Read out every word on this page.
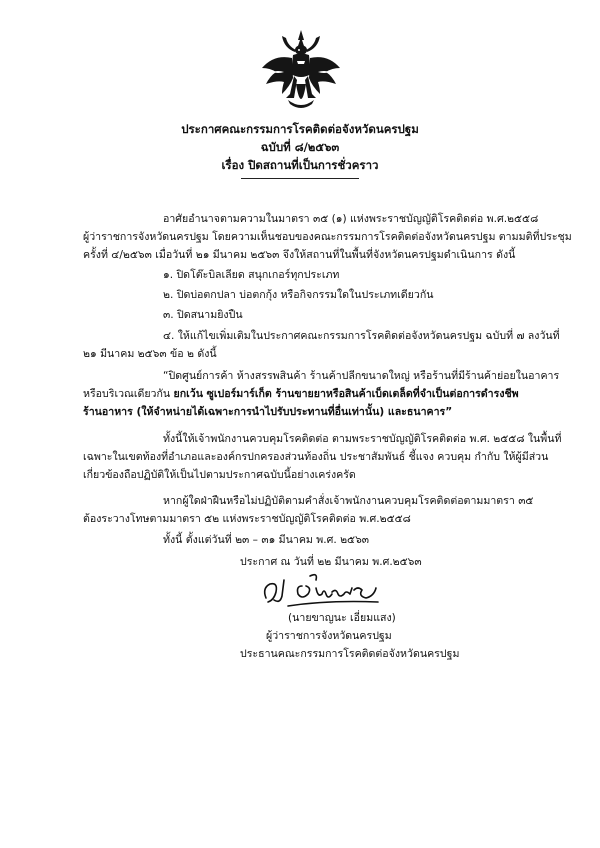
ประกาศคณะกรรมการโรคติดต่อจังหวัดนครปฐม
ฉบับที่ ๘/๒๕๖๓
เรื่อง ปิดสถานที่เป็นการชั่วคราว
อาศัยอำนาจตามความในมาตรา ๓๕ (๑) แห่งพระราชบัญญัติโรคติดต่อ พ.ศ.๒๕๕๘
ผู้ว่าราชการจังหวัดนครปฐม โดยความเห็นชอบของคณะกรรมการโรคติดต่อจังหวัดนครปฐม ตามมติที่ประชุม
ครั้งที่ ๔/๒๕๖๓ เมื่อวันที่ ๒๑ มีนาคม ๒๕๖๓ จึงให้สถานที่ในพื้นที่จังหวัดนครปฐมดำเนินการ ดังนี้
๑. ปิดโต๊ะบิลเลียด สนุกเกอร์ทุกประเภท
๒. ปิดบ่อตกปลา บ่อตกกุ้ง หรือกิจกรรมใดในประเภทเดียวกัน
๓. ปิดสนามยิงปืน
๔. ให้แก้ไขเพิ่มเติมในประกาศคณะกรรมการโรคติดต่อจังหวัดนครปฐม ฉบับที่ ๗ ลงวันที่
๒๑ มีนาคม ๒๕๖๓ ข้อ ๒ ดังนี้
“ปิดศูนย์การค้า ห้างสรรพสินค้า ร้านค้าปลีกขนาดใหญ่ หรือร้านที่มีร้านค้าย่อยในอาคาร
หรือบริเวณเดียวกัน ยกเว้น ซูเปอร์มาร์เก็ต ร้านขายยาหรือสินค้าเบ็ดเตล็ดที่จำเป็นต่อการดำรงชีพ
ร้านอาหาร (ให้จำหน่ายได้เฉพาะการนำไปรับประทานที่อื่นเท่านั้น) และธนาคาร”
ทั้งนี้ให้เจ้าพนักงานควบคุมโรคติดต่อ ตามพระราชบัญญัติโรคติดต่อ พ.ศ. ๒๕๕๘ ในพื้นที่
เฉพาะในเขตท้องที่อำเภอและองค์กรปกครองส่วนท้องถิ่น ประชาสัมพันธ์ ชี้แจง ควบคุม กำกับ ให้ผู้มีส่วน
เกี่ยวข้องถือปฏิบัติให้เป็นไปตามประกาศฉบับนี้อย่างเคร่งครัด
หากผู้ใดฝ่าฝืนหรือไม่ปฏิบัติตามคำสั่งเจ้าพนักงานควบคุมโรคติดต่อตามมาตรา ๓๕
ต้องระวางโทษตามมาตรา ๕๒ แห่งพระราชบัญญัติโรคติดต่อ พ.ศ.๒๕๕๘
ทั้งนี้ ตั้งแต่วันที่ ๒๓ – ๓๑ มีนาคม พ.ศ. ๒๕๖๓
ประกาศ ณ วันที่ ๒๒ มีนาคม พ.ศ.๒๕๖๓
(นายขาญนะ เอี่ยมแสง)
ผู้ว่าราชการจังหวัดนครปฐม
ประธานคณะกรรมการโรคติดต่อจังหวัดนครปฐม
